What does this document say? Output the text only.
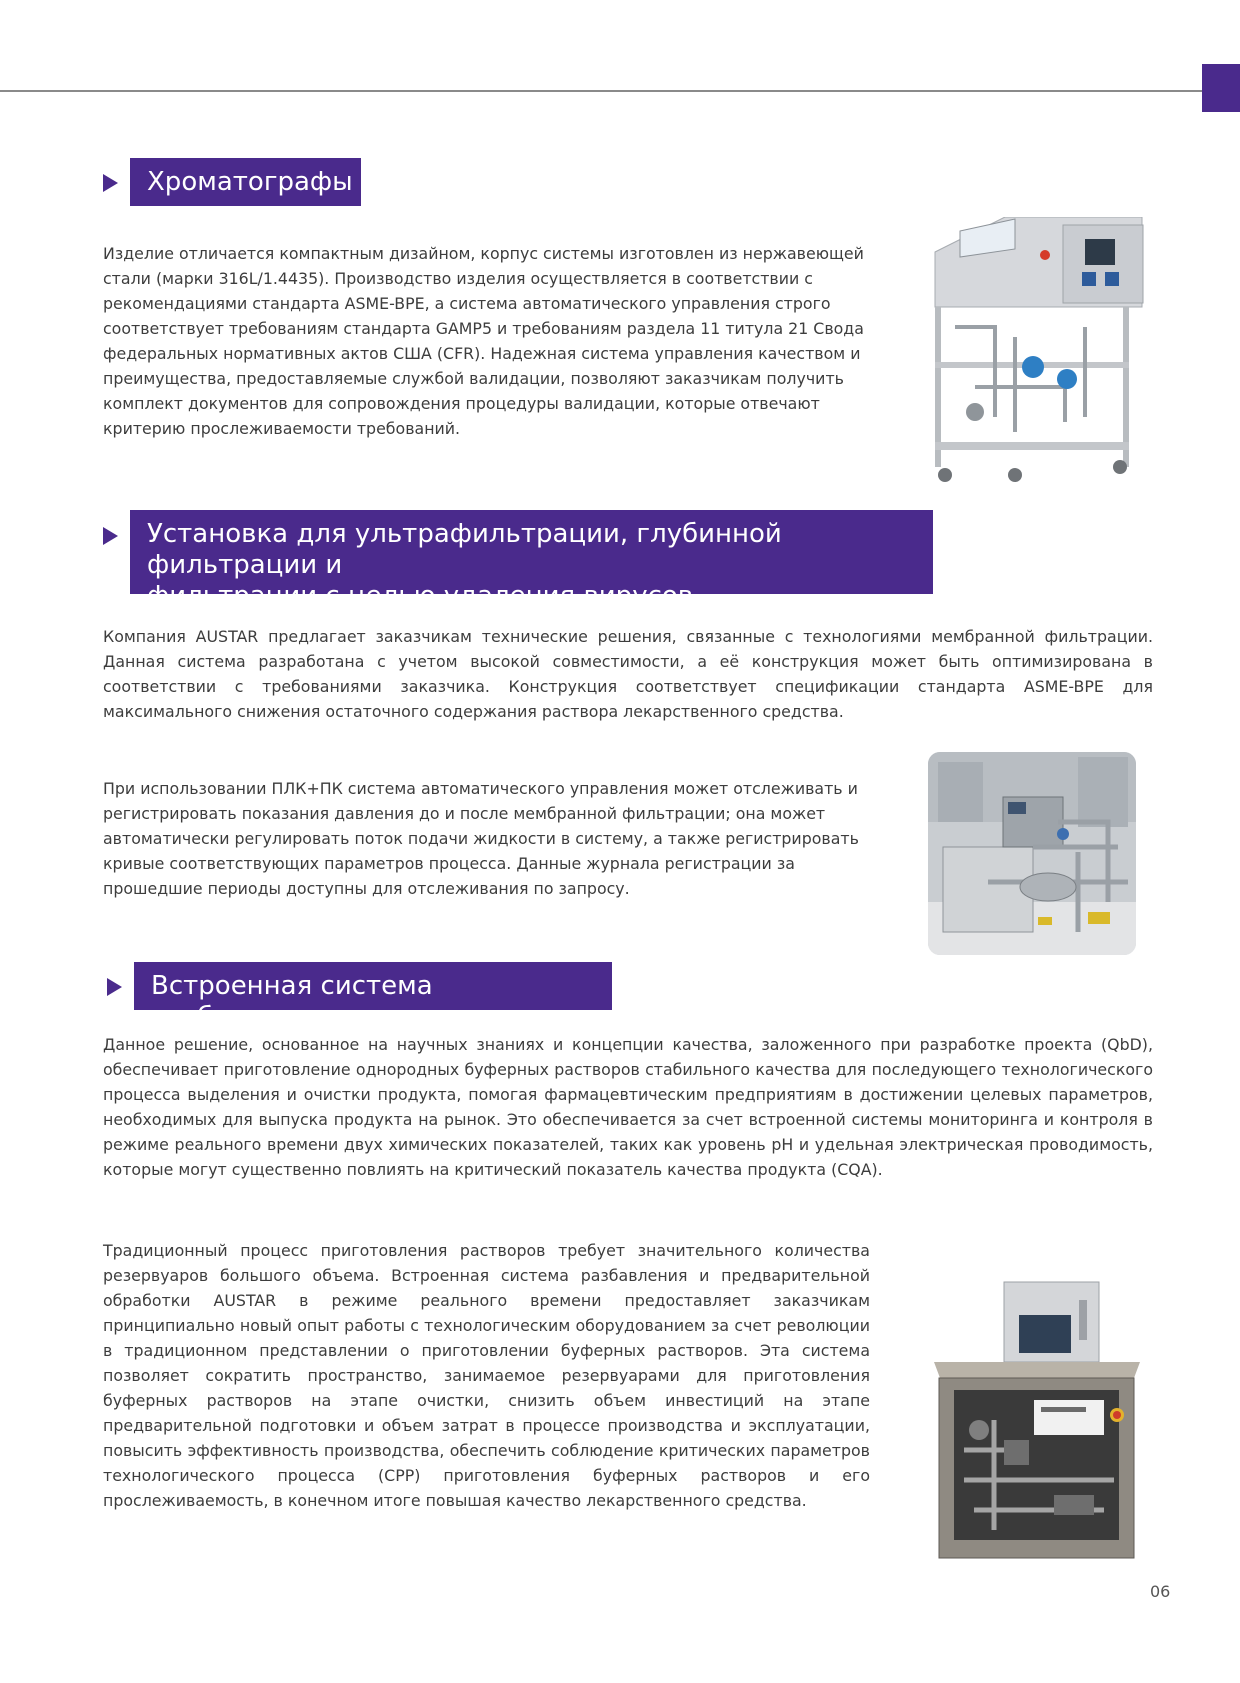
Хроматографы

Изделие отличается компактным дизайном, корпус системы изготовлен из нержавеющей стали (марки 316L/1.4435). Производство изделия осуществляется в соответствии с рекомендациями стандарта ASME-BPE, а система автоматического управления строго соответствует требованиям стандарта GAMP5 и требованиям раздела 11 титула 21 Свода федеральных нормативных актов США (CFR). Надежная система управления качеством и преимущества, предоставляемые службой валидации, позволяют заказчикам получить комплект документов для сопровождения процедуры валидации, которые отвечают критерию прослеживаемости требований.

Установка для ультрафильтрации, глубинной фильтрации и
фильтрации с целью удаления вирусов

Компания AUSTAR предлагает заказчикам технические решения, связанные с технологиями мембранной фильтрации. Данная система разработана с учетом высокой совместимости, а её конструкция может быть оптимизирована в соответствии с требованиями заказчика. Конструкция соответствует спецификации стандарта ASME-BPE для максимального снижения остаточного содержания раствора лекарственного средства.

При использовании ПЛК+ПК система автоматического управления может отслеживать и регистрировать показания давления до и после мембранной фильтрации; она может автоматически регулировать поток подачи жидкости в систему, а также регистрировать кривые соответствующих параметров процесса. Данные журнала регистрации за прошедшие периоды доступны для отслеживания по запросу.

Встроенная система разбавления

Данное решение, основанное на научных знаниях и концепции качества, заложенного при разработке проекта (QbD), обеспечивает приготовление однородных буферных растворов стабильного качества для последующего технологического процесса выделения и очистки продукта, помогая фармацевтическим предприятиям в достижении целевых параметров, необходимых для выпуска продукта на рынок. Это обеспечивается за счет встроенной системы мониторинга и контроля в режиме реального времени двух химических показателей, таких как уровень pH и удельная электрическая проводимость, которые могут существенно повлиять на критический показатель качества продукта (CQA).

Традиционный процесс приготовления растворов требует значительного количества резервуаров большого объема. Встроенная система разбавления и предварительной обработки AUSTAR в режиме реального времени предоставляет заказчикам принципиально новый опыт работы с технологическим оборудованием за счет революции в традиционном представлении о приготовлении буферных растворов. Эта система позволяет сократить пространство, занимаемое резервуарами для приготовления буферных растворов на этапе очистки, снизить объем инвестиций на этапе предварительной подготовки и объем затрат в процессе производства и эксплуатации, повысить эффективность производства, обеспечить соблюдение критических параметров технологического процесса (CPP) приготовления буферных растворов и его прослеживаемость, в конечном итоге повышая качество лекарственного средства.

06
